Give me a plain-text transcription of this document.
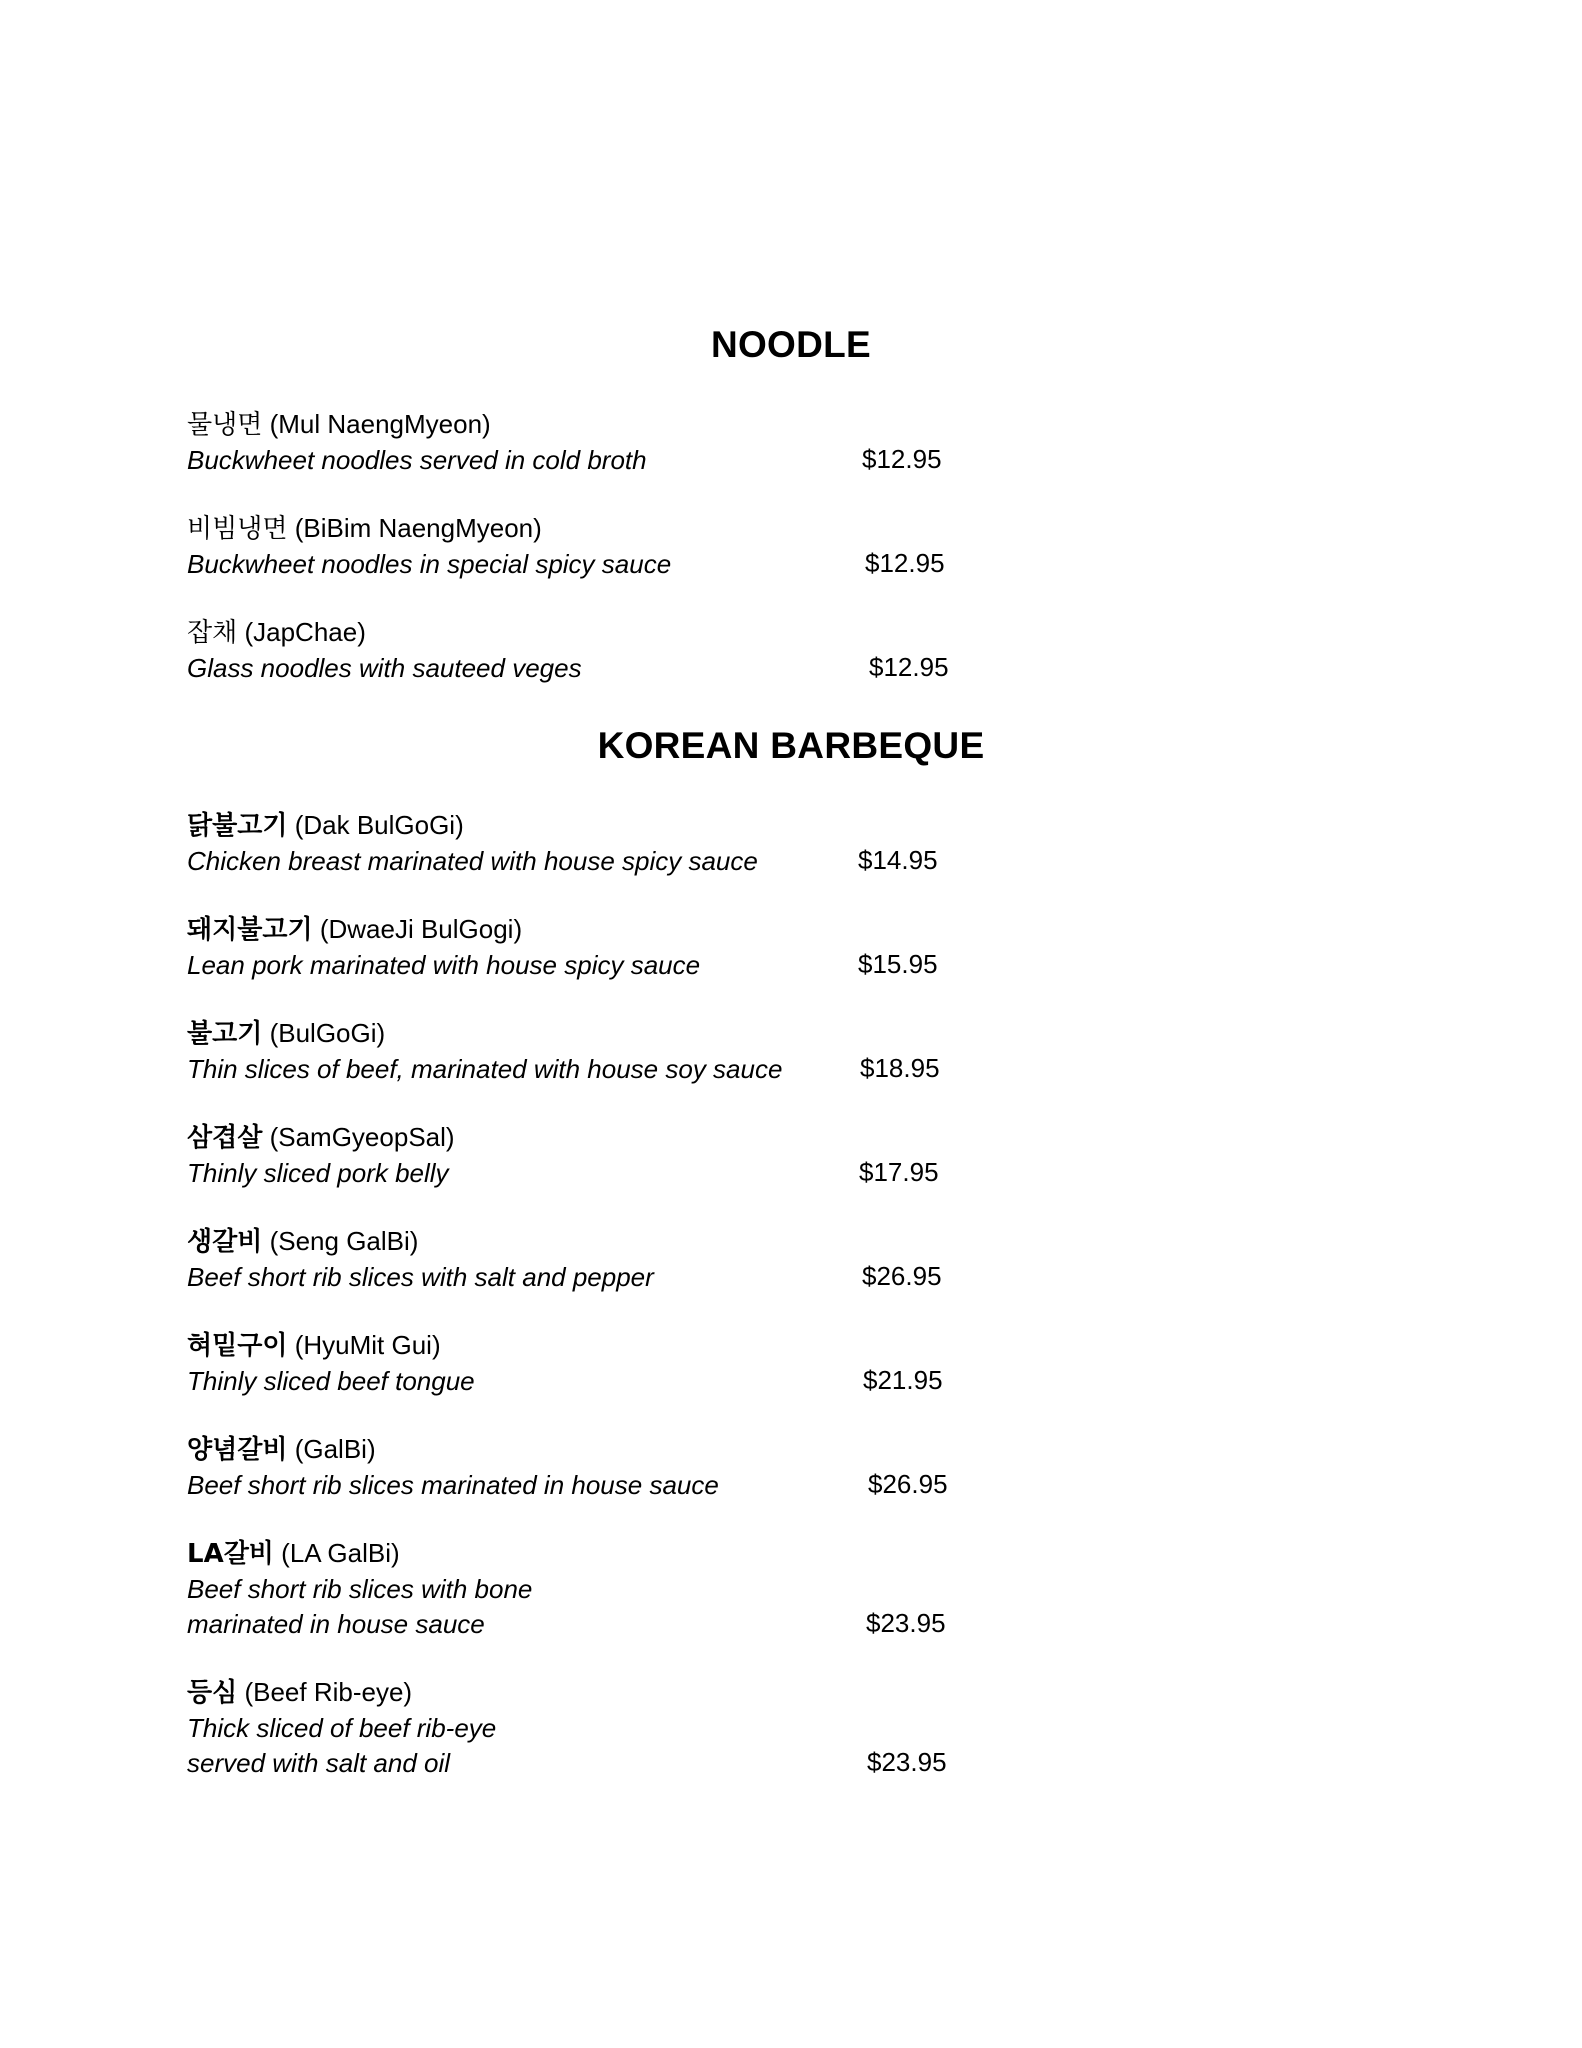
NOODLE
물냉면 (Mul NaengMyeon)
Buckwheet noodles served in cold broth	$12.95
비빔냉면 (BiBim NaengMyeon)
Buckwheet noodles in special spicy sauce	$12.95
잡채 (JapChae)
Glass noodles with sauteed veges	$12.95
KOREAN BARBEQUE
닭불고기 (Dak BulGoGi)
Chicken breast marinated with house spicy sauce	$14.95
돼지불고기 (DwaeJi BulGogi)
Lean pork marinated with house spicy sauce	$15.95
불고기 (BulGoGi)
Thin slices of beef, marinated with house soy sauce	$18.95
삼겹살 (SamGyeopSal)
Thinly sliced pork belly	$17.95
생갈비 (Seng GalBi)
Beef short rib slices with salt and pepper	$26.95
혀밑구이 (HyuMit Gui)
Thinly sliced beef tongue	$21.95
양념갈비 (GalBi)
Beef short rib slices marinated in house sauce	$26.95
LA갈비 (LA GalBi)
Beef short rib slices with bone
marinated in house sauce	$23.95
등심 (Beef Rib-eye)
Thick sliced of beef rib-eye
served with salt and oil	$23.95
